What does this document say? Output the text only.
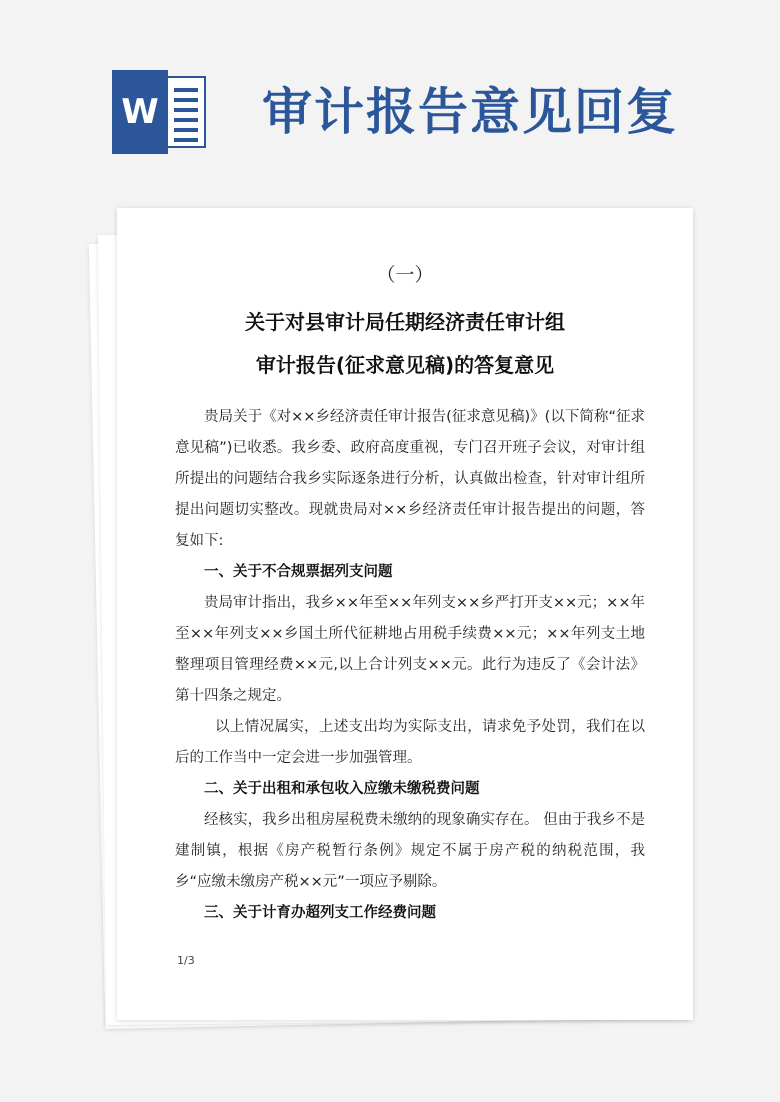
W 审计报告意见回复
（一）
关于对县审计局任期经济责任审计组
审计报告(征求意见稿)的答复意见

贵局关于《对××乡经济责任审计报告(征求意见稿)》(以下简称“征求意见稿”)已收悉。我乡委、政府高度重视，专门召开班子会议，对审计组所提出的问题结合我乡实际逐条进行分析，认真做出检查，针对审计组所提出问题切实整改。现就贵局对××乡经济责任审计报告提出的问题，答复如下:

一、关于不合规票据列支问题

贵局审计指出，我乡××年至××年列支××乡严打开支××元；××年至××年列支××乡国土所代征耕地占用税手续费××元；××年列支土地整理项目管理经费××元,以上合计列支××元。此行为违反了《会计法》第十四条之规定。

以上情况属实，上述支出均为实际支出，请求免予处罚，我们在以后的工作当中一定会进一步加强管理。

二、关于出租和承包收入应缴未缴税费问题

经核实，我乡出租房屋税费未缴纳的现象确实存在。 但由于我乡不是建制镇，根据《房产税暂行条例》规定不属于房产税的纳税范围，我乡“应缴未缴房产税××元”一项应予剔除。

三、关于计育办超列支工作经费问题

1/3
